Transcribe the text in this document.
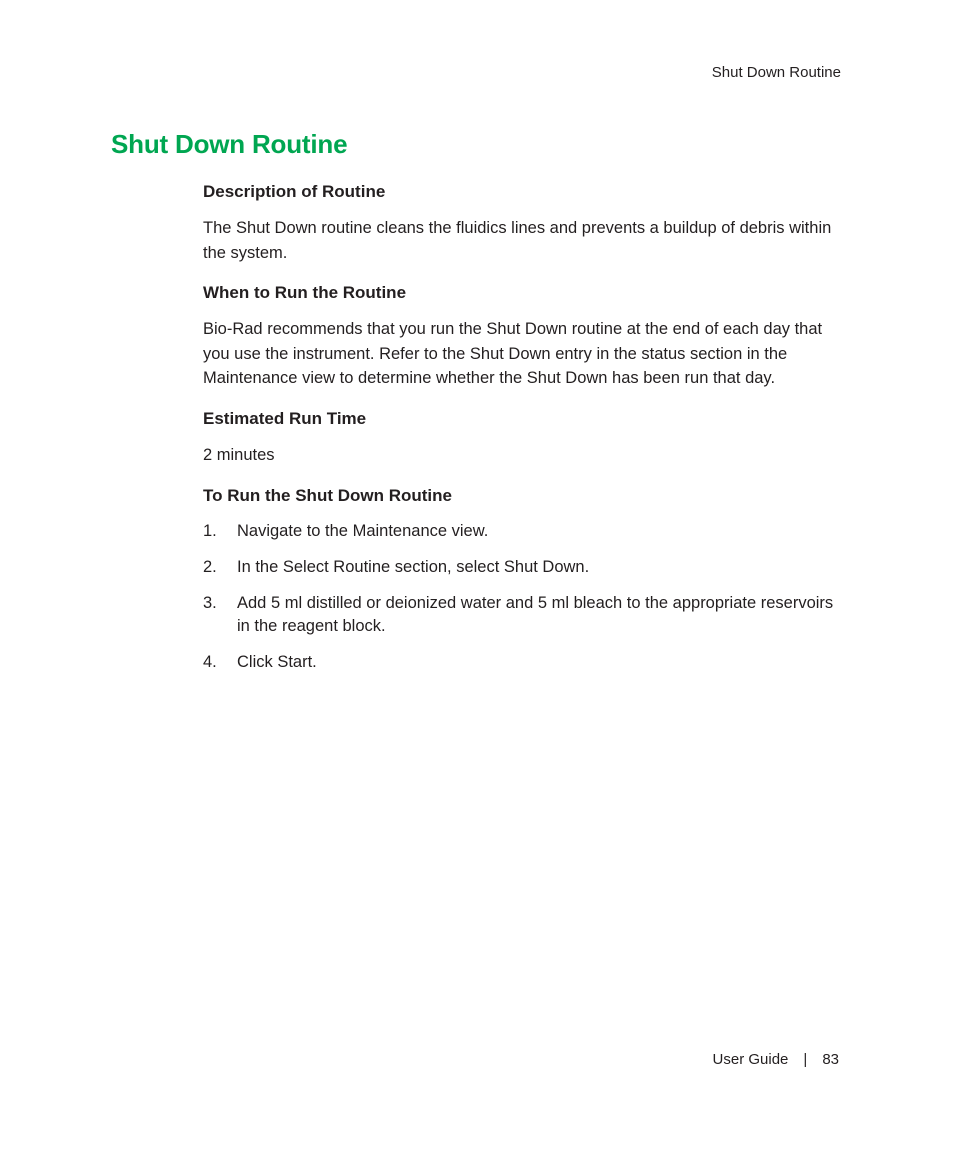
Shut Down Routine
Shut Down Routine
Description of Routine

The Shut Down routine cleans the fluidics lines and prevents a buildup of debris within the system.

When to Run the Routine

Bio-Rad recommends that you run the Shut Down routine at the end of each day that you use the instrument. Refer to the Shut Down entry in the status section in the Maintenance view to determine whether the Shut Down has been run that day.

Estimated Run Time

2 minutes

To Run the Shut Down Routine
1.	Navigate to the Maintenance view.
2.	In the Select Routine section, select Shut Down.
3.	Add 5 ml distilled or deionized water and 5 ml bleach to the appropriate reservoirs in the reagent block.
4.	Click Start.
User Guide | 83
